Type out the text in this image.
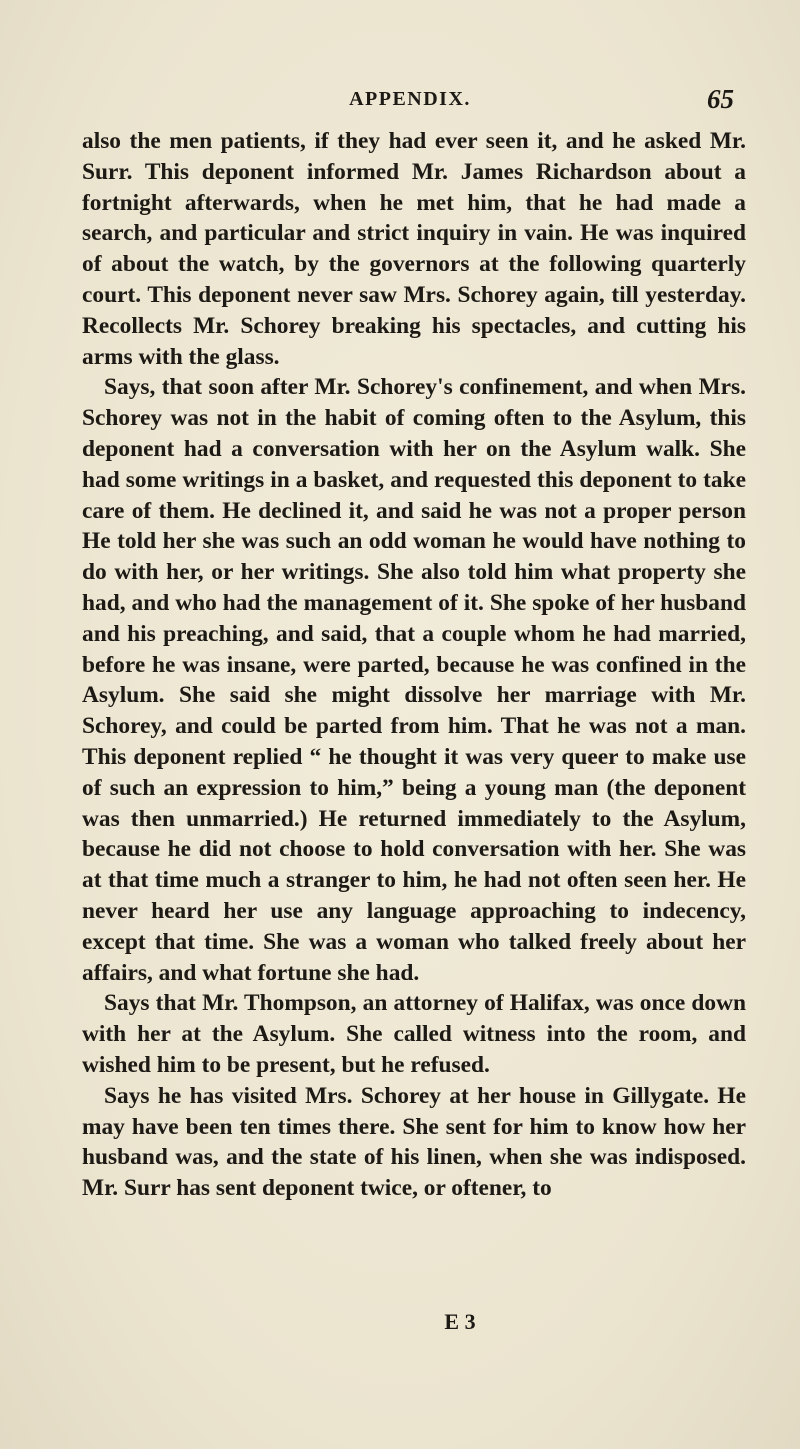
APPENDIX.	65

also the men patients, if they had ever seen it, and he asked Mr. Surr. This deponent informed Mr. James Richardson about a fortnight afterwards, when he met him, that he had made a search, and particular and strict inquiry in vain. He was inquired of about the watch, by the governors at the following quarterly court. This deponent never saw Mrs. Schorey again, till yesterday. Recollects Mr. Schorey breaking his spectacles, and cutting his arms with the glass.

Says, that soon after Mr. Schorey's confinement, and when Mrs. Schorey was not in the habit of coming often to the Asylum, this deponent had a conversation with her on the Asylum walk. She had some writings in a basket, and requested this deponent to take care of them. He declined it, and said he was not a proper person He told her she was such an odd woman he would have nothing to do with her, or her writings. She also told him what property she had, and who had the management of it. She spoke of her husband and his preaching, and said, that a couple whom he had married, before he was insane, were parted, because he was confined in the Asylum. She said she might dissolve her marriage with Mr. Schorey, and could be parted from him. That he was not a man. This deponent replied “ he thought it was very queer to make use of such an expression to him,” being a young man (the deponent was then unmarried.) He returned immediately to the Asylum, because he did not choose to hold conversation with her. She was at that time much a stranger to him, he had not often seen her. He never heard her use any language approaching to indecency, except that time. She was a woman who talked freely about her affairs, and what fortune she had.

Says that Mr. Thompson, an attorney of Halifax, was once down with her at the Asylum. She called witness into the room, and wished him to be present, but he refused.

Says he has visited Mrs. Schorey at her house in Gillygate. He may have been ten times there. She sent for him to know how her husband was, and the state of his linen, when she was indisposed. Mr. Surr has sent deponent twice, or oftener, to

E 3
